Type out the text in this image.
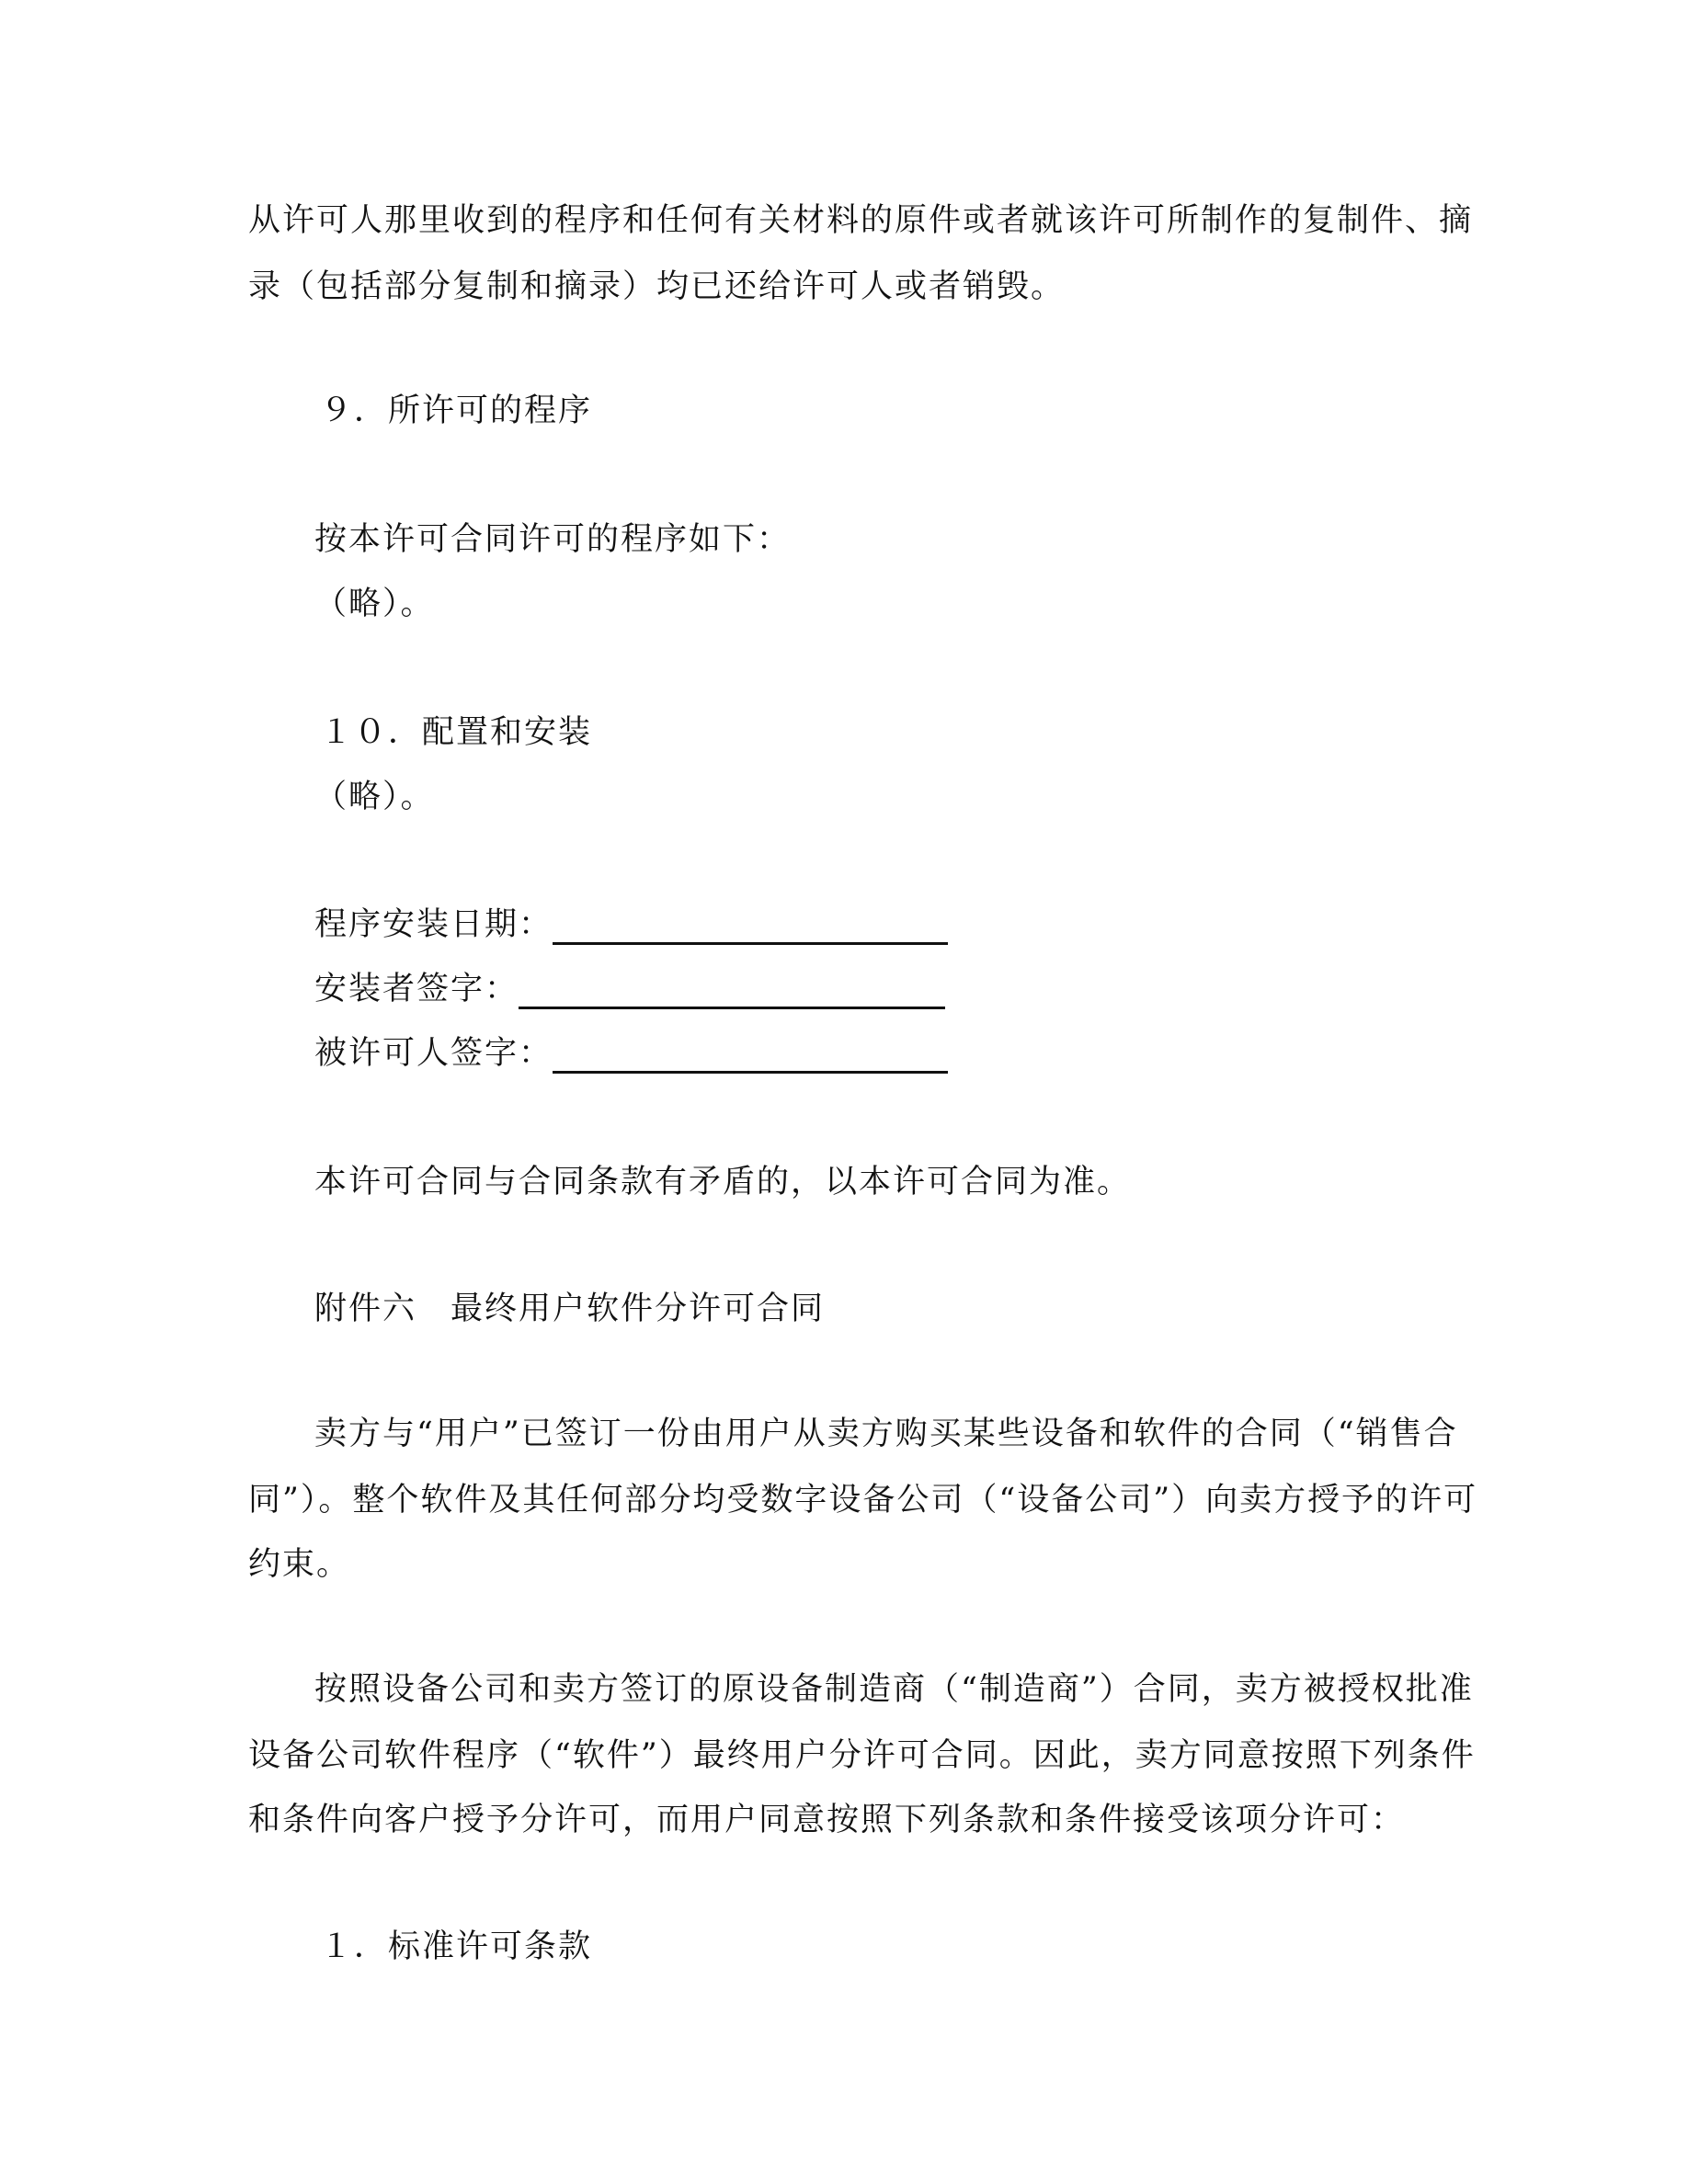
从许可人那里收到的程序和任何有关材料的原件或者就该许可所制作的复制件、摘
录（包括部分复制和摘录）均已还给许可人或者销毁。
９．所许可的程序
按本许可合同许可的程序如下：
（略）。
１０．配置和安装
（略）。
程序安装日期：
安装者签字：
被许可人签字：
本许可合同与合同条款有矛盾的，以本许可合同为准。
附件六　最终用户软件分许可合同
卖方与“用户”已签订一份由用户从卖方购买某些设备和软件的合同（“销售合
同”）。整个软件及其任何部分均受数字设备公司（“设备公司”）向卖方授予的许可
约束。
按照设备公司和卖方签订的原设备制造商（“制造商”）合同，卖方被授权批准
设备公司软件程序（“软件”）最终用户分许可合同。因此，卖方同意按照下列条件
和条件向客户授予分许可，而用户同意按照下列条款和条件接受该项分许可：
１．标准许可条款
